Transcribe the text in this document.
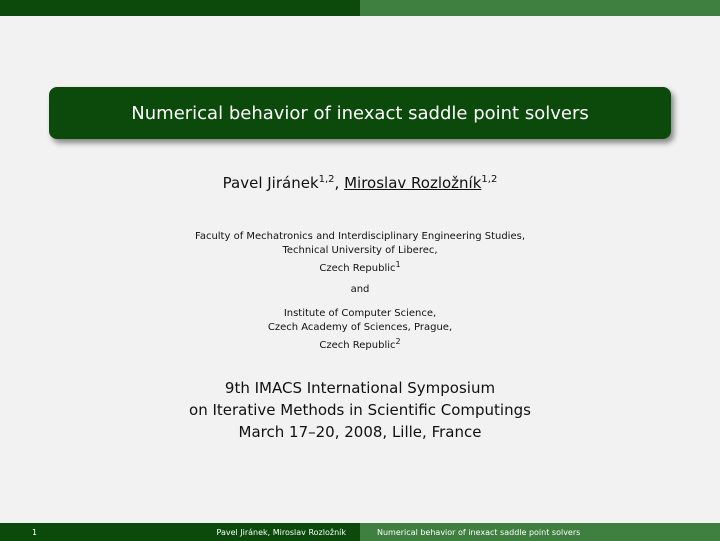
Numerical behavior of inexact saddle point solvers
Pavel Jiránek$^{1,2}$, Miroslav Rozložník$^{1,2}$
Faculty of Mechatronics and Interdisciplinary Engineering Studies,
Technical University of Liberec,
Czech Republic$^1$
and
Institute of Computer Science,
Czech Academy of Sciences, Prague,
Czech Republic$^2$
9th IMACS International Symposium
on Iterative Methods in Scientific Computings
March 17–20, 2008, Lille, France
1	Pavel Jiránek, Miroslav Rozložník	Numerical behavior of inexact saddle point solvers
